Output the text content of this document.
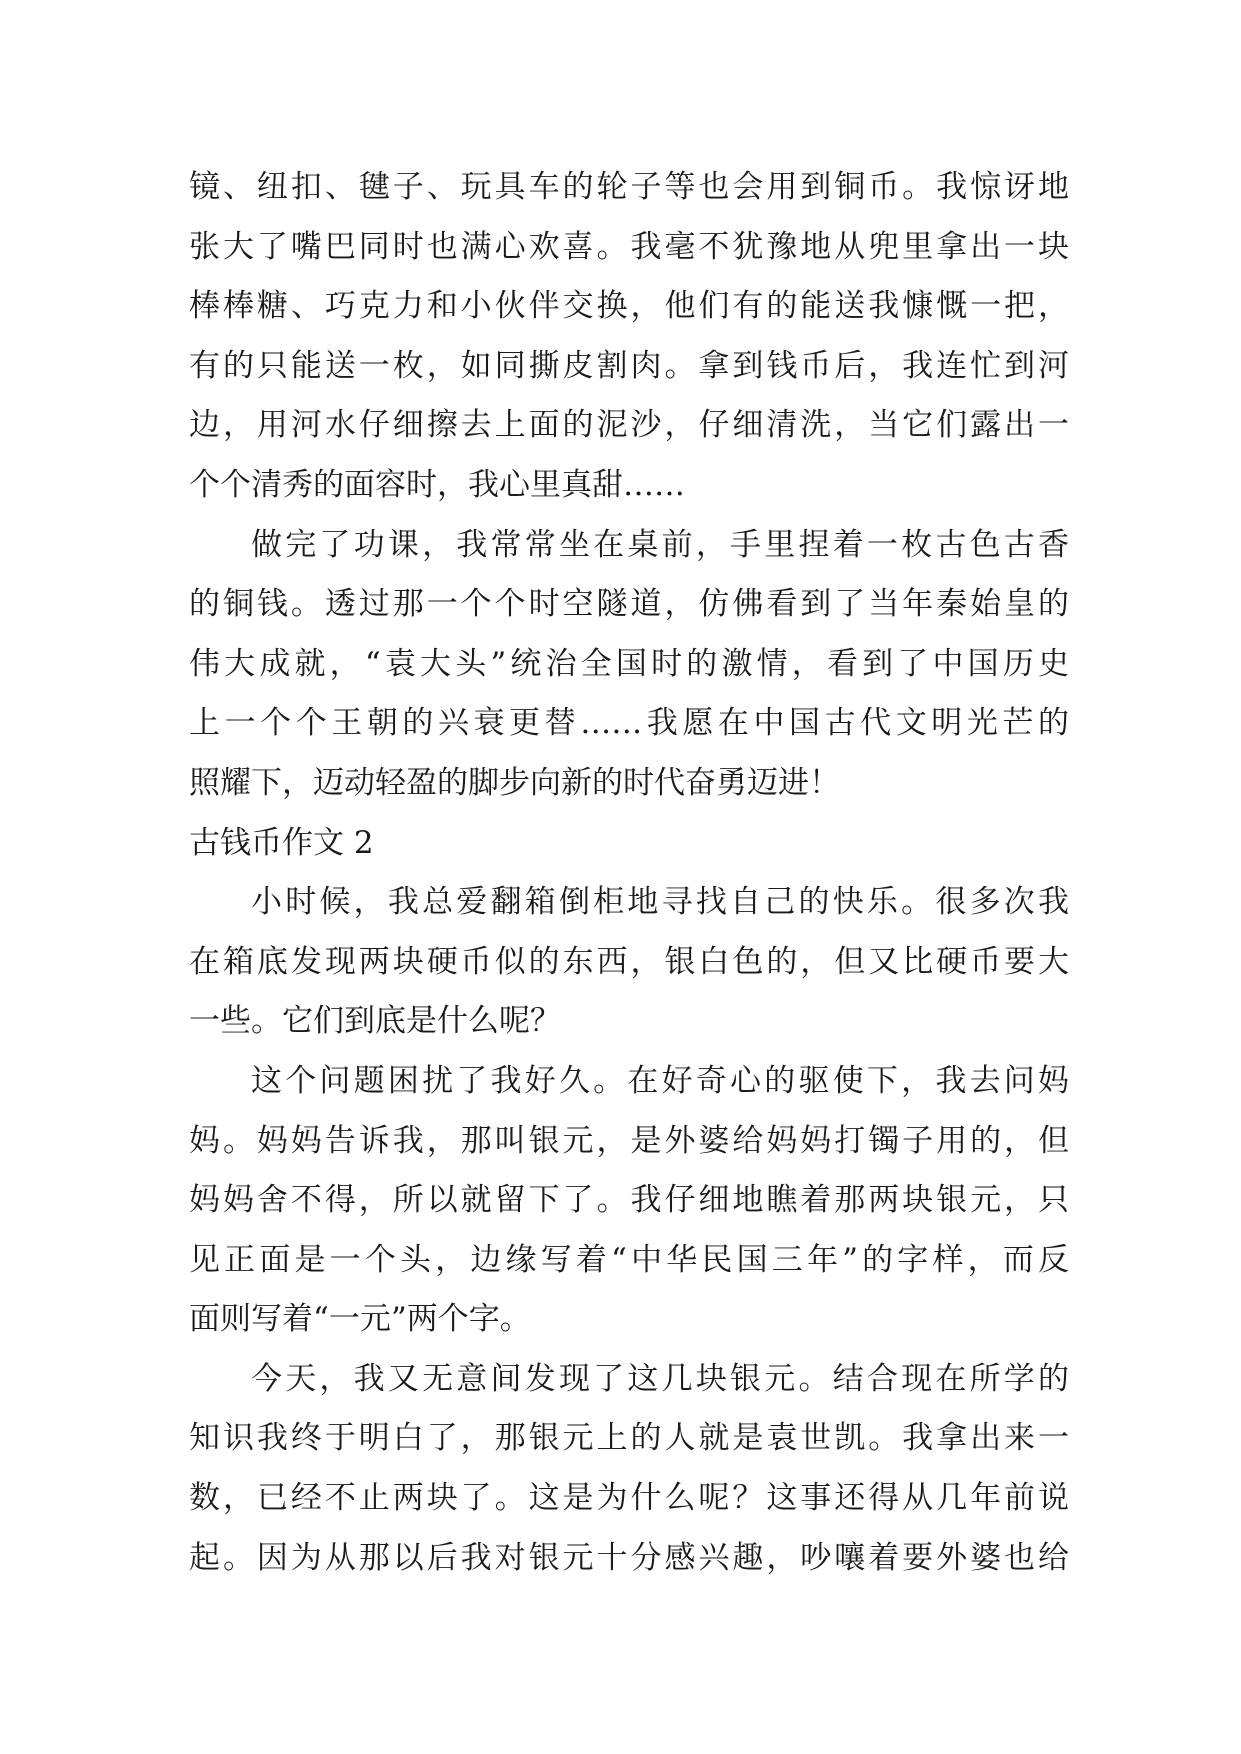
镜、纽扣、毽子、玩具车的轮子等也会用到铜币。我惊讶地
张大了嘴巴同时也满心欢喜。我毫不犹豫地从兜里拿出一块
棒棒糖、巧克力和小伙伴交换，他们有的能送我慷慨一把，
有的只能送一枚，如同撕皮割肉。拿到钱币后，我连忙到河
边，用河水仔细擦去上面的泥沙，仔细清洗，当它们露出一
个个清秀的面容时，我心里真甜……
做完了功课，我常常坐在桌前，手里捏着一枚古色古香
的铜钱。透过那一个个时空隧道，仿佛看到了当年秦始皇的
伟大成就，“袁大头”统治全国时的激情，看到了中国历史
上一个个王朝的兴衰更替……我愿在中国古代文明光芒的
照耀下，迈动轻盈的脚步向新的时代奋勇迈进！
古钱币作文 2
小时候，我总爱翻箱倒柜地寻找自己的快乐。很多次我
在箱底发现两块硬币似的东西，银白色的，但又比硬币要大
一些。它们到底是什么呢？
这个问题困扰了我好久。在好奇心的驱使下，我去问妈
妈。妈妈告诉我，那叫银元，是外婆给妈妈打镯子用的，但
妈妈舍不得，所以就留下了。我仔细地瞧着那两块银元，只
见正面是一个头，边缘写着“中华民国三年”的字样，而反
面则写着“一元”两个字。
今天，我又无意间发现了这几块银元。结合现在所学的
知识我终于明白了，那银元上的人就是袁世凯。我拿出来一
数，已经不止两块了。这是为什么呢？这事还得从几年前说
起。因为从那以后我对银元十分感兴趣，吵嚷着要外婆也给
